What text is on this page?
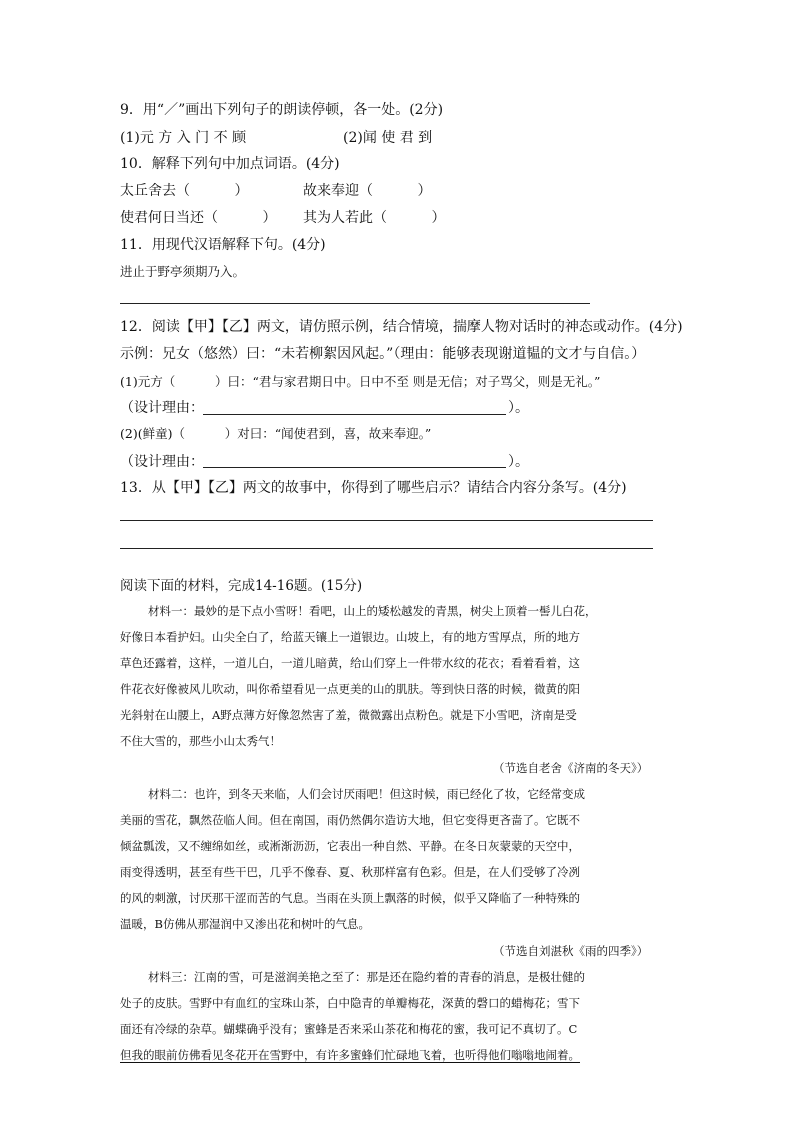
9．用“／”画出下列句子的朗读停顿，各一处。(2分)
(1)元 方 入 门 不 顾	(2)闻 使 君 到
10．解释下列句中加点词语。(4分)
太丘舍去（          ）	故来奉迎（          ）
使君何日当还（          ） 其为人若此（          ）
11．用现代汉语解释下句。(4分)
进止于野亭须期乃入。
12．阅读【甲】【乙】两文，请仿照示例，结合情境，揣摩人物对话时的神态或动作。(4分)
示例：兄女（悠然）曰：“未若柳絮因风起。”（理由：能够表现谢道韫的文才与自信。）
(1)元方（          ）曰：“君与家君期日中。日中不至 则是无信；对子骂父，则是无礼。”
（设计理由：	）。
(2)(鲜童)（          ）对曰：“闻使君到，喜，故来奉迎。”
（设计理由：	）。
13．从【甲】【乙】两文的故事中，你得到了哪些启示？请结合内容分条写。(4分)
阅读下面的材料，完成14-16题。(15分)
材料一：最妙的是下点小雪呀！看吧，山上的矮松越发的青黑，树尖上顶着一髻儿白花，
好像日本看护妇。山尖全白了，给蓝天镶上一道银边。山坡上，有的地方雪厚点，所的地方
草色还露着，这样，一道儿白，一道儿暗黄，给山们穿上一件带水纹的花衣；看着看着，这
件花衣好像被风儿吹动，叫你希望看见一点更美的山的肌肤。等到快日落的时候，微黄的阳
光斜射在山腰上，A野点薄方好像忽然害了羞，微微露出点粉色。就是下小雪吧，济南是受
不住大雪的，那些小山太秀气！
（节选自老舍《济南的冬天》）
材料二：也许，到冬天来临，人们会讨厌雨吧！但这时候，雨已经化了妆，它经常变成
美丽的雪花，飘然莅临人间。但在南国，雨仍然偶尔造访大地，但它变得更吝啬了。它既不
倾盆瓢泼，又不缠绵如丝，或淅渐沥沥，它表出一种自然、平静。在冬日灰蒙蒙的天空中，
雨变得透明，甚至有些干巴，几乎不像春、夏、秋那样富有色彩。但是，在人们受够了冷冽
的风的刺激，讨厌那干涩而苦的气息。当雨在头顶上飘落的时候，似乎又降临了一种特殊的
温暖，B仿佛从那湿润中又渗出花和树叶的气息。
（节选自刘湛秋《雨的四季》）
材料三：江南的雪，可是滋润美艳之至了：那是还在隐约着的青春的消息，是极壮健的
处子的皮肤。雪野中有血红的宝珠山茶，白中隐青的单瓣梅花，深黄的磬口的蜡梅花；雪下
面还有冷绿的杂草。蝴蝶确乎没有；蜜蜂是否来采山茶花和梅花的蜜，我可记不真切了。C
但我的眼前仿佛看见冬花开在雪野中，有许多蜜蜂们忙碌地飞着，也听得他们嗡嗡地闹着。
